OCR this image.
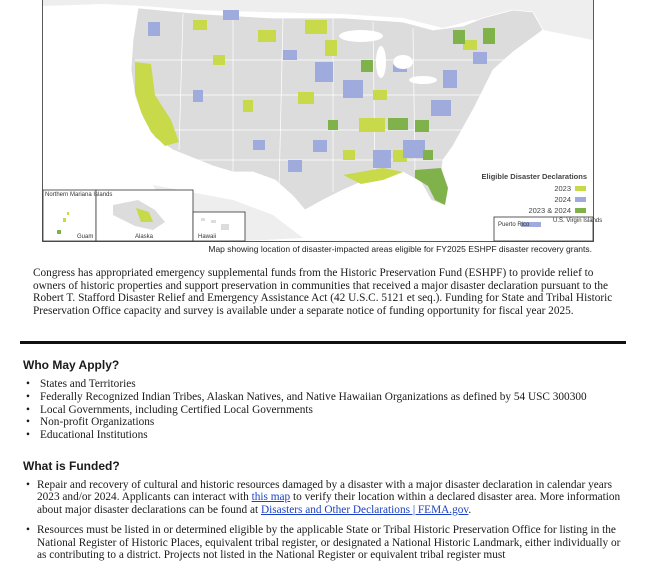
Northern Mariana Islands
Guam	Alaska	Hawaii
Puerto Rico
U.S. Virgin Islands
Eligible Disaster Declarations
2023
2024
2023 & 2024
Map showing location of disaster-impacted areas eligible for FY2025 ESHPF disaster recovery grants.

Congress has appropriated emergency supplemental funds from the Historic Preservation Fund (ESHPF) to provide relief to owners of historic properties and support preservation in communities that received a major disaster declaration pursuant to the Robert T. Stafford Disaster Relief and Emergency Assistance Act (42 U.S.C. 5121 et seq.). Funding for State and Tribal Historic Preservation Office capacity and survey is available under a separate notice of funding opportunity for fiscal year 2025.

Who May Apply?
• States and Territories
• Federally Recognized Indian Tribes, Alaskan Natives, and Native Hawaiian Organizations as defined by 54 USC 300300
• Local Governments, including Certified Local Governments
• Non-profit Organizations
• Educational Institutions
What is Funded?
• Repair and recovery of cultural and historic resources damaged by a disaster with a major disaster declaration in calendar years 2023 and/or 2024. Applicants can interact with this map to verify their location within a declared disaster area. More information about major disaster declarations can be found at Disasters and Other Declarations | FEMA.gov.
• Resources must be listed in or determined eligible by the applicable State or Tribal Historic Preservation Office for listing in the National Register of Historic Places, equivalent tribal register, or designated a National Historic Landmark, either individually or as contributing to a district. Projects not listed in the National Register or equivalent tribal register must
